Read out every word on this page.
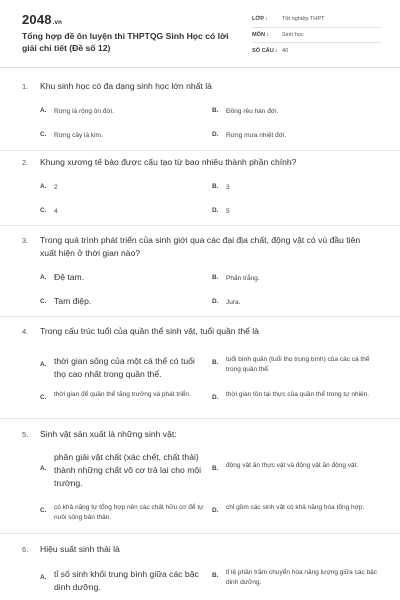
2048.vn
Tổng hợp đề ôn luyện thi THPTQG Sinh Học có lời giải chi tiết (Đề số 12)
LỚP :	Tốt nghiệp THPT
MÔN :	Sinh học
SỐ CÂU : 40
1. Khu sinh học có đa dạng sinh học lớn nhất là
A. Rừng lá rộng ôn đới.	B. Đồng rêu hàn đới.
C. Rừng cây lá kim.	D. Rừng mưa nhiệt đới.
2. Khung xương tế bào được cấu tạo từ bao nhiêu thành phần chính?
A. 2	B. 3
C. 4	D. 5
3. Trong quá trình phát triển của sinh giới qua các đại địa chất, động vật có vú đầu tiên xuất hiện ở thời gian nào?
A. Đệ tam.	B. Phấn trắng.
C. Tam điệp.	D. Jura.
4. Trong cấu trúc tuổi của quần thể sinh vật, tuổi quần thể là
A. thời gian sống của một cá thể có tuổi thọ cao nhất trong quần thể.
B. tuổi bình quân (tuổi thọ trung bình) của các cá thể trong quần thể.
C. thời gian để quần thể tăng trưởng và phát triển.	D. thời gian tồn tại thực của quần thể trong tự nhiên.
5. Sinh vật sản xuất là những sinh vật:
A.
phân giải vật chất (xác chết, chất thải) thành những chất vô cơ trả lại cho môi trường.
B. động vật ăn thực vật và động vật ăn động vật.
C. có khả năng tự tổng hợp nên các chất hữu cơ để tự nuôi sống bản thân.
D. chỉ gồm các sinh vật có khả năng hóa tổng hợp.
6. Hiệu suất sinh thái là
A. tỉ số sinh khối trung bình giữa các bậc dinh dưỡng.
B. tỉ lệ phần trăm chuyển hóa năng lượng giữa các bậc dinh dưỡng.
